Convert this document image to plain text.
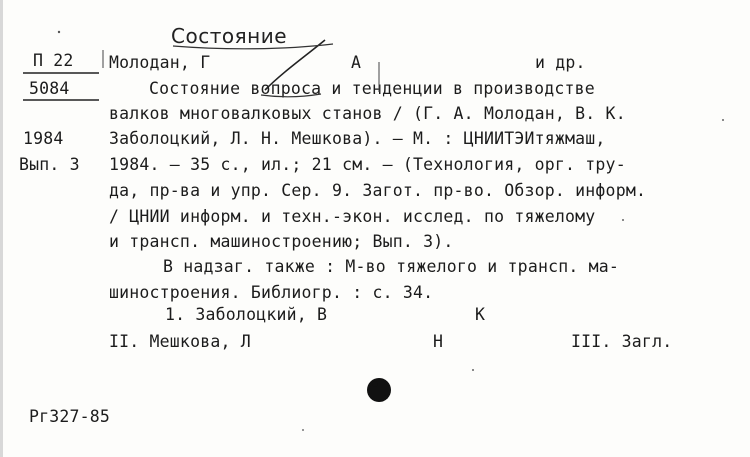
Состояние
П 22
5084
1984
Вып. 3
Молодан, Г	А	и др.
Состояние вопроса и тенденции в производстве
валков многовалковых станов / (Г. А. Молодан, В. К.
Заболоцкий, Л. Н. Мешкова). — М. : ЦНИИТЭИтяжмаш,
1984. — 35 с., ил.; 21 см. — (Технология, орг. тру-
да, пр-ва и упр. Сер. 9. Загот. пр-во. Обзор. информ.
/ ЦНИИ информ. и техн.-экон. исслед. по тяжелому
и трансп. машиностроению; Вып. 3).
В надзаг. также : М-во тяжелого и трансп. ма-
шиностроения. Библиогр. : с. 34.
1. Заболоцкий, В	К
II. Мешкова, Л	Н	III. Загл.
Рг327-85
